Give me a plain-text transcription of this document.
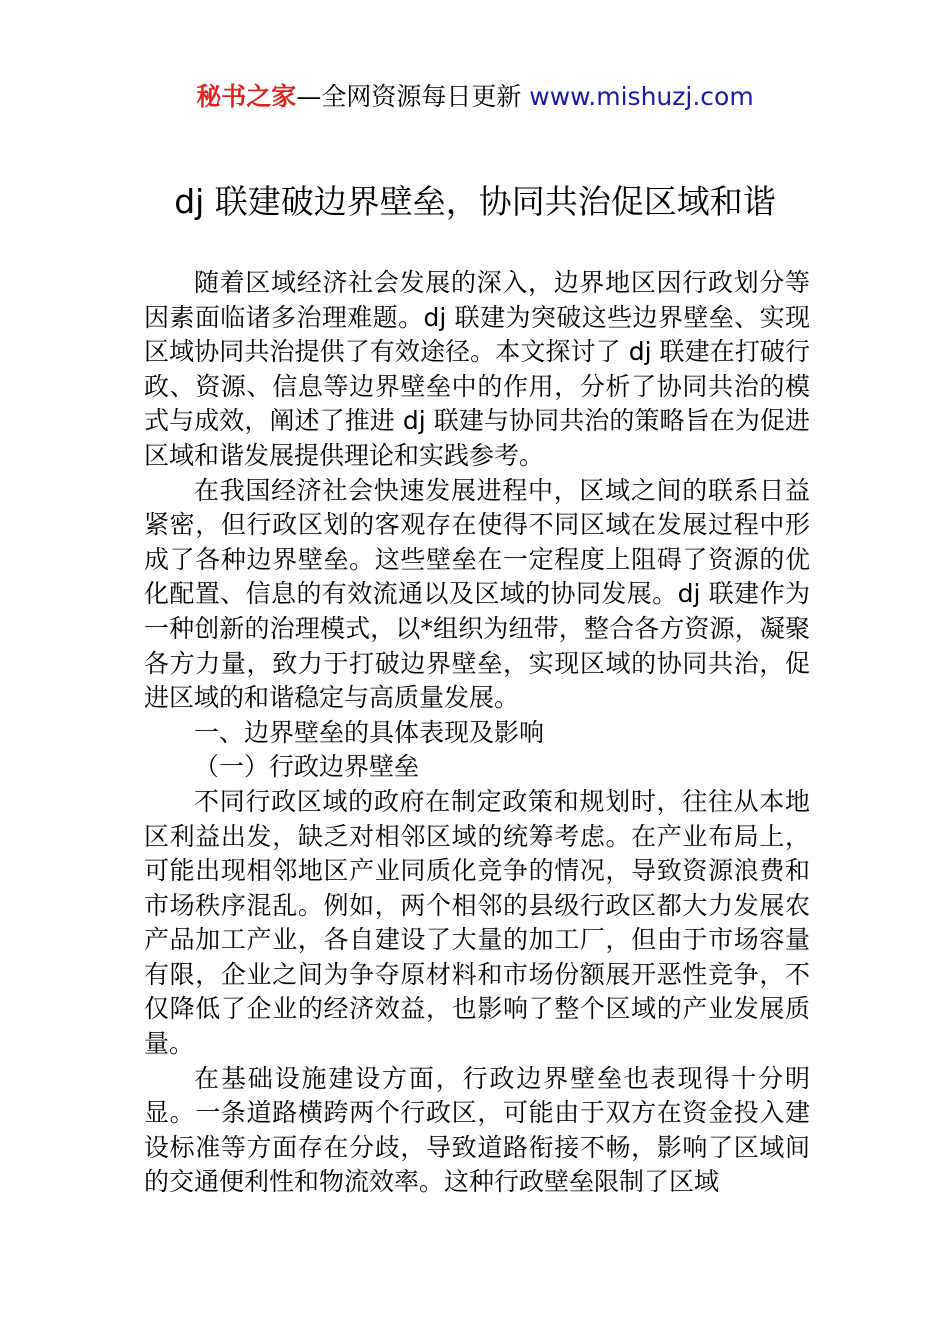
秘书之家—全网资源每日更新 www.mishuzj.com
dj 联建破边界壁垒，协同共治促区域和谐

随着区域经济社会发展的深入，边界地区因行政划分等因素面临诸多治理难题。dj 联建为突破这些边界壁垒、实现区域协同共治提供了有效途径。本文探讨了 dj 联建在打破行政、资源、信息等边界壁垒中的作用，分析了协同共治的模式与成效，阐述了推进 dj 联建与协同共治的策略旨在为促进区域和谐发展提供理论和实践参考。

在我国经济社会快速发展进程中，区域之间的联系日益紧密，但行政区划的客观存在使得不同区域在发展过程中形成了各种边界壁垒。这些壁垒在一定程度上阻碍了资源的优化配置、信息的有效流通以及区域的协同发展。dj 联建作为一种创新的治理模式，以*组织为纽带，整合各方资源，凝聚各方力量，致力于打破边界壁垒，实现区域的协同共治，促进区域的和谐稳定与高质量发展。

一、边界壁垒的具体表现及影响

（一）行政边界壁垒

不同行政区域的政府在制定政策和规划时，往往从本地区利益出发，缺乏对相邻区域的统筹考虑。在产业布局上，可能出现相邻地区产业同质化竞争的情况，导致资源浪费和市场秩序混乱。例如，两个相邻的县级行政区都大力发展农产品加工产业，各自建设了大量的加工厂，但由于市场容量有限，企业之间为争夺原材料和市场份额展开恶性竞争，不仅降低了企业的经济效益，也影响了整个区域的产业发展质量。

在基础设施建设方面，行政边界壁垒也表现得十分明显。一条道路横跨两个行政区，可能由于双方在资金投入建设标准等方面存在分歧，导致道路衔接不畅，影响了区域间的交通便利性和物流效率。这种行政壁垒限制了区域
